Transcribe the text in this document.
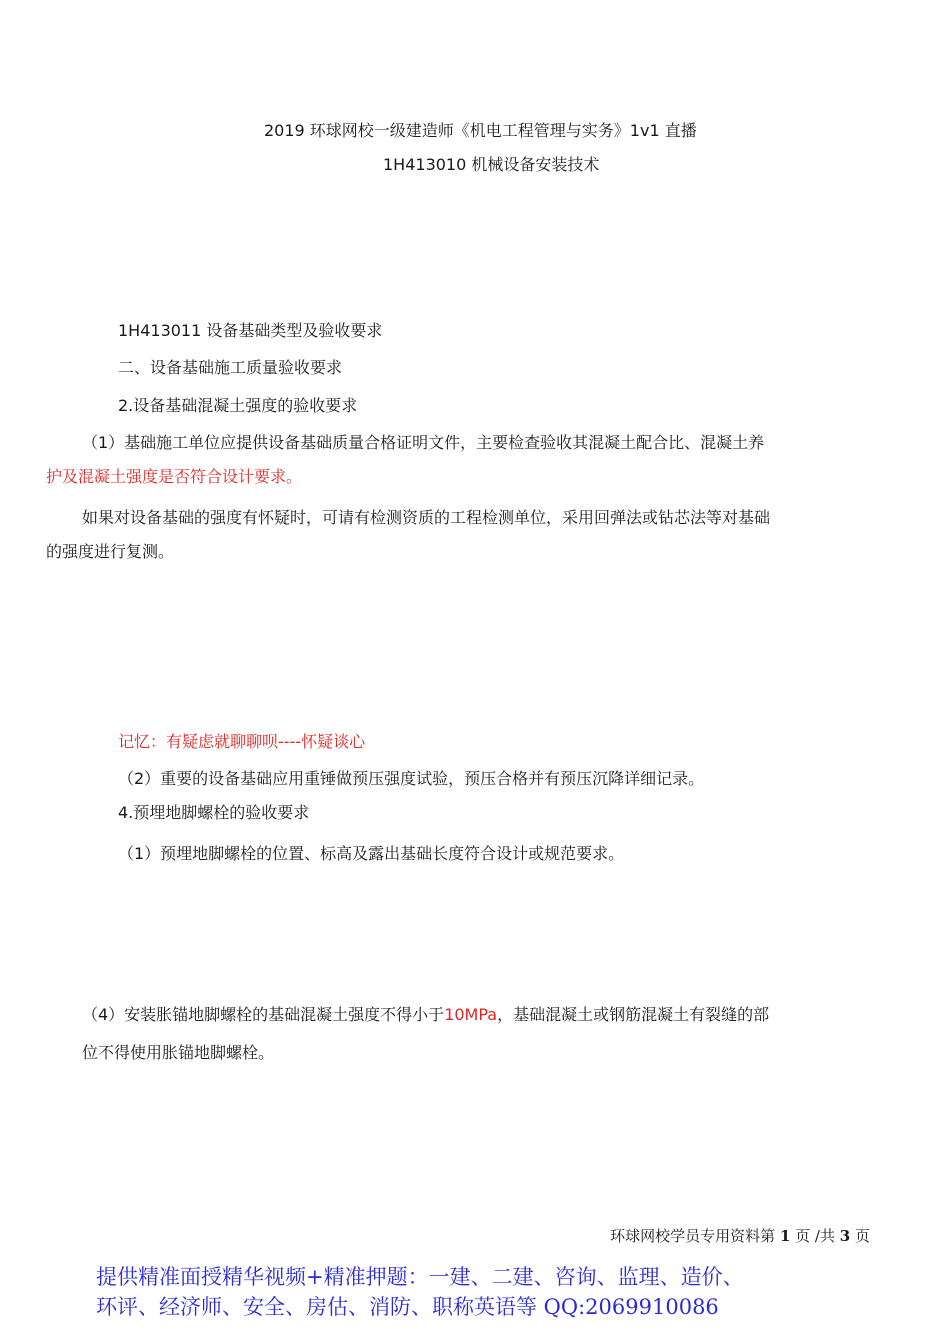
2019 环球网校一级建造师《机电工程管理与实务》1v1 直播
1H413010 机械设备安装技术
1H413011 设备基础类型及验收要求
二、设备基础施工质量验收要求
2.设备基础混凝土强度的验收要求
（1）基础施工单位应提供设备基础质量合格证明文件，主要检查验收其混凝土配合比、混凝土养
护及混凝土强度是否符合设计要求。
如果对设备基础的强度有怀疑时，可请有检测资质的工程检测单位，采用回弹法或钻芯法等对基础
的强度进行复测。
记忆：有疑虑就聊聊呗----怀疑谈心
（2）重要的设备基础应用重锤做预压强度试验，预压合格并有预压沉降详细记录。
4.预埋地脚螺栓的验收要求
（1）预埋地脚螺栓的位置、标高及露出基础长度符合设计或规范要求。
（4）安装胀锚地脚螺栓的基础混凝土强度不得小于10MPa，基础混凝土或钢筋混凝土有裂缝的部
位不得使用胀锚地脚螺栓。
环球网校学员专用资料第 1 页 /共 3 页
提供精准面授精华视频+精准押题：一建、二建、咨询、监理、造价、
环评、经济师、安全、房估、消防、职称英语等 QQ:2069910086
